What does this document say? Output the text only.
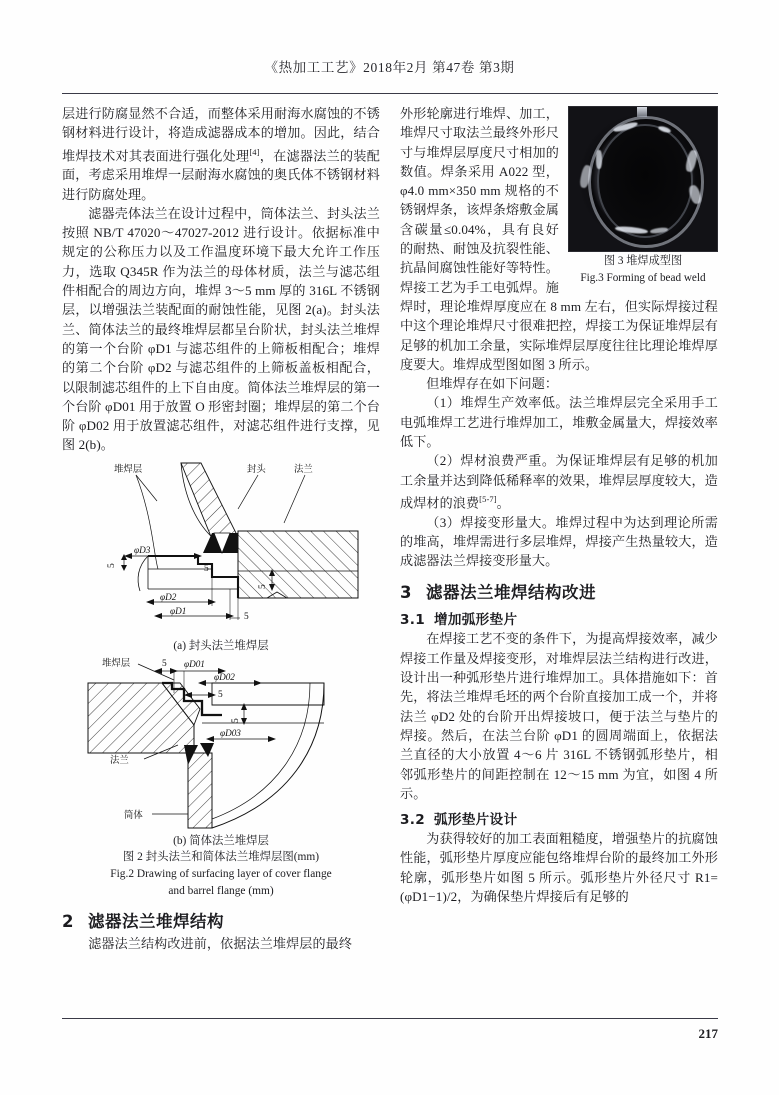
《热加工工艺》2018年2月 第47卷 第3期

层进行防腐显然不合适，而整体采用耐海水腐蚀的不锈钢材料进行设计，将造成滤器成本的增加。因此，结合堆焊技术对其表面进行强化处理[4]，在滤器法兰的装配面，考虑采用堆焊一层耐海水腐蚀的奥氏体不锈钢材料进行防腐处理。

滤器壳体法兰在设计过程中，筒体法兰、封头法兰按照 NB/T 47020～47027-2012 进行设计。依据标准中规定的公称压力以及工作温度环境下最大允许工作压力，选取 Q345R 作为法兰的母体材质，法兰与滤芯组件相配合的周边方向，堆焊 3～5 mm 厚的 316L 不锈钢层，以增强法兰装配面的耐蚀性能，见图 2(a)。封头法兰、简体法兰的最终堆焊层都呈台阶状，封头法兰堆焊的第一个台阶 φD1 与滤芯组件的上筛板相配合；堆焊的第二个台阶 φD2 与滤芯组件的上筛板盖板相配合，以限制滤芯组件的上下自由度。简体法兰堆焊层的第一个台阶 φD01 用于放置 O 形密封圈；堆焊层的第二个台阶 φD02 用于放置滤芯组件，对滤芯组件进行支撑，见图 2(b)。

堆焊层	封头	法兰
φD3
5	5
5
φD2
φD1
5
(a) 封头法兰堆焊层
堆焊层
法兰
筒体
5 φD01
φD02
5
5
φD03
(b) 简体法兰堆焊层
图 2 封头法兰和简体法兰堆焊层图(mm)
Fig.2 Drawing of surfacing layer of cover flange
and barrel flange (mm)
2 滤器法兰堆焊结构

滤器法兰结构改进前，依据法兰堆焊层的最终

图 3 堆焊成型图
Fig.3 Forming of bead weld

外形轮廓进行堆焊、加工，堆焊尺寸取法兰最终外形尺寸与堆焊层厚度尺寸相加的数值。焊条采用 A022 型，φ4.0 mm×350 mm 规格的不锈钢焊条，该焊条熔敷金属含碳量≤0.04%，具有良好的耐热、耐蚀及抗裂性能、抗晶间腐蚀性能好等特性。焊接工艺为手工电弧焊。施焊时，理论堆焊厚度应在 8 mm 左右，但实际焊接过程中这个理论堆焊尺寸很难把控，焊接工为保证堆焊层有足够的机加工余量，实际堆焊层厚度往往比理论堆焊厚度要大。堆焊成型图如图 3 所示。

但堆焊存在如下问题：

（1）堆焊生产效率低。法兰堆焊层完全采用手工电弧堆焊工艺进行堆焊加工，堆敷金属量大，焊接效率低下。

（2）焊材浪费严重。为保证堆焊层有足够的机加工余量并达到降低稀释率的效果，堆焊层厚度较大，造成焊材的浪费[5-7]。

（3）焊接变形量大。堆焊过程中为达到理论所需的堆高，堆焊需进行多层堆焊，焊接产生热量较大，造成滤器法兰焊接变形量大。

3 滤器法兰堆焊结构改进
3.1 增加弧形垫片

在焊接工艺不变的条件下，为提高焊接效率，减少焊接工作量及焊接变形，对堆焊层法兰结构进行改进，设计出一种弧形垫片进行堆焊加工。具体措施如下：首先，将法兰堆焊毛坯的两个台阶直接加工成一个，并将法兰 φD2 处的台阶开出焊接坡口，便于法兰与垫片的焊接。然后，在法兰台阶 φD1 的圆周端面上，依据法兰直径的大小放置 4～6 片 316L 不锈钢弧形垫片，相邻弧形垫片的间距控制在 12～15 mm 为宜，如图 4 所示。

3.2 弧形垫片设计

为获得较好的加工表面粗糙度，增强垫片的抗腐蚀性能，弧形垫片厚度应能包络堆焊台阶的最终加工外形轮廓，弧形垫片如图 5 所示。弧形垫片外径尺寸 R1=(φD1−1)/2，为确保垫片焊接后有足够的

217
